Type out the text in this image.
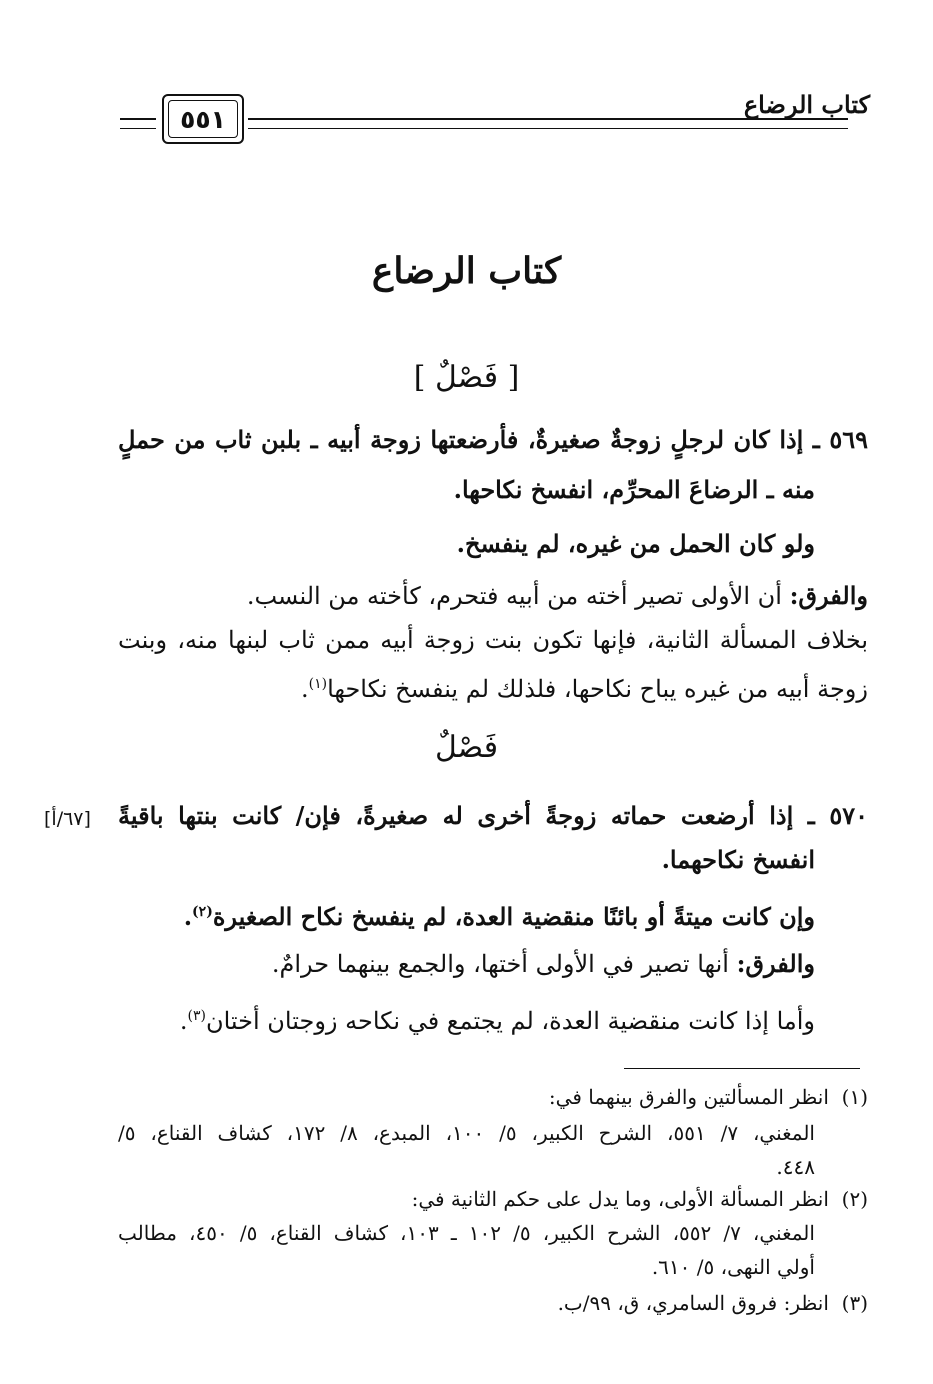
كتاب الرضاع
٥٥١
كتاب الرضاع
[ فَصْلٌ ]
٥٦٩ ـ إذا كان لرجلٍ زوجةٌ صغيرةٌ، فأرضعتها زوجة أبيه ـ بلبن ثاب من حملٍ
منه ـ الرضاعَ المحرِّم، انفسخ نكاحها.
ولو كان الحمل من غيره، لم ينفسخ.
والفرق: أن الأولى تصير أخته من أبيه فتحرم، كأخته من النسب.
بخلاف المسألة الثانية، فإنها تكون بنت زوجة أبيه ممن ثاب لبنها منه، وبنت
زوجة أبيه من غيره يباح نكاحها، فلذلك لم ينفسخ نكاحها$^{(١)}$.
فَصْلٌ
[٦٧/أ] ٥٧٠ ـ إذا أرضعت حماته زوجةً أخرى له صغيرةً، فإن/ كانت بنتها باقيةً
انفسخ نكاحهما.
وإن كانت ميتةً أو بائنًا منقضية العدة، لم ينفسخ نكاح الصغيرة$^{(٢)}$.
والفرق: أنها تصير في الأولى أختها، والجمع بينهما حرامٌ.
وأما إذا كانت منقضية العدة، لم يجتمع في نكاحه زوجتان أختان$^{(٣)}$.
(١)  انظر المسألتين والفرق بينهما في:
المغني، ٧/ ٥٥١، الشرح الكبير، ٥/ ١٠٠، المبدع، ٨/ ١٧٢، كشاف القناع، ٥/
٤٤٨.
(٢)  انظر المسألة الأولى، وما يدل على حكم الثانية في:
المغني، ٧/ ٥٥٢، الشرح الكبير، ٥/ ١٠٢ ـ ١٠٣، كشاف القناع، ٥/ ٤٥٠، مطالب
أولي النهى، ٥/ ٦١٠.
(٣)  انظر: فروق السامري، ق، ٩٩/ب.
